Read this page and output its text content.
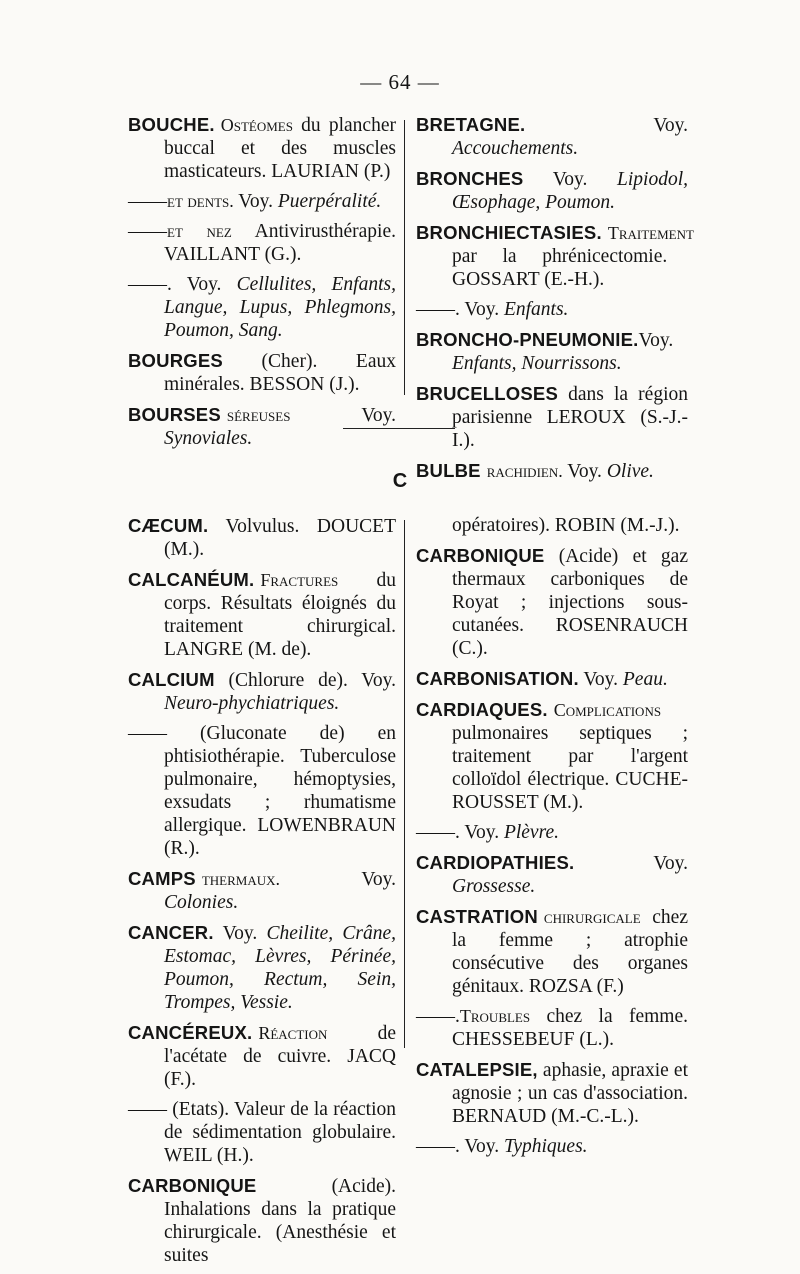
— 64 —

BOUCHE. Ostéomes du plancher buccal et des muscles masticateurs. LAURIAN (P.)

——et dents. Voy. Puerpéralité.

——et nez Antivirusthérapie. VAILLANT (G.).

——. Voy. Cellulites, Enfants, Langue, Lupus, Phlegmons, Poumon, Sang.

BOURGES (Cher). Eaux minérales. BESSON (J.).

BOURSES séreuses Voy. Synoviales.

BRETAGNE. Voy. Accouchements.

BRONCHES Voy. Lipiodol, Œsophage, Poumon.

BRONCHIECTASIES. Traitement par la phrénicectomie. GOSSART (E.-H.).

——. Voy. Enfants.

BRONCHO-PNEUMONIE.Voy. Enfants, Nourrissons.

BRUCELLOSES dans la région parisienne LEROUX (S.-J.-I.).

BULBE rachidien. Voy. Olive.

C

CÆCUM. Volvulus. DOUCET (M.).

CALCANÉUM. Fractures du corps. Résultats éloignés du traitement chirurgical. LANGRE (M. de).

CALCIUM (Chlorure de). Voy. Neuro-phychiatriques.

—— (Gluconate de) en phtisiothérapie. Tuberculose pulmonaire, hémoptysies, exsudats ; rhumatisme allergique. LOWENBRAUN (R.).

CAMPS thermaux. Voy. Colonies.

CANCER. Voy. Cheilite, Crâne, Estomac, Lèvres, Périnée, Poumon, Rectum, Sein, Trompes, Vessie.

CANCÉREUX. Réaction de l'acétate de cuivre. JACQ (F.).

—— (Etats). Valeur de la réaction de sédimentation globulaire. WEIL (H.).

CARBONIQUE (Acide). Inhalations dans la pratique chirurgicale. (Anesthésie et suites

opératoires). ROBIN (M.-J.).

CARBONIQUE (Acide) et gaz thermaux carboniques de Royat ; injections sous-cutanées. ROSENRAUCH (C.).

CARBONISATION. Voy. Peau.

CARDIAQUES. Complications pulmonaires septiques ; traitement par l'argent colloïdol électrique. CUCHE-ROUSSET (M.).

——. Voy. Plèvre.

CARDIOPATHIES. Voy. Grossesse.

CASTRATION chirurgicale chez la femme ; atrophie consécutive des organes génitaux. ROZSA (F.)

——.Troubles chez la femme. CHESSEBEUF (L.).

CATALEPSIE, aphasie, apraxie et agnosie ; un cas d'association. BERNAUD (M.-C.-L.).

——. Voy. Typhiques.
